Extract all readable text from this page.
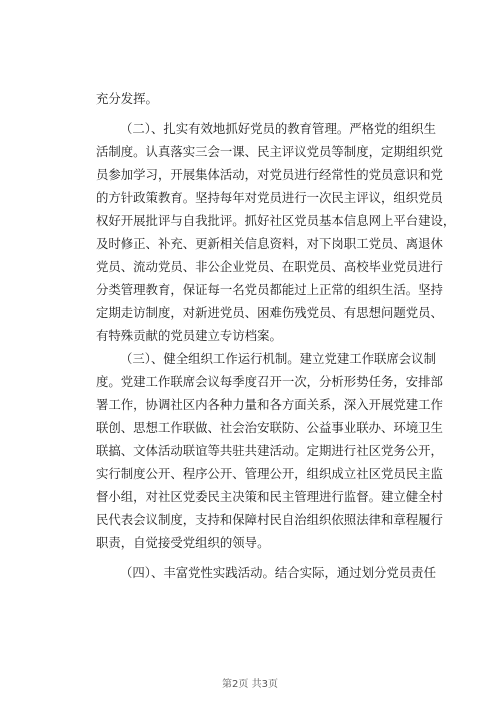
充分发挥。
（二）、扎实有效地抓好党员的教育管理。严格党的组织生
活制度。认真落实三会一课、民主评议党员等制度，定期组织党
员参加学习，开展集体活动，对党员进行经常性的党员意识和党
的方针政策教育。坚持每年对党员进行一次民主评议，组织党员
权好开展批评与自我批评。抓好社区党员基本信息网上平台建设，
及时修正、补充、更新相关信息资料，对下岗职工党员、离退休
党员、流动党员、非公企业党员、在职党员、高校毕业党员进行
分类管理教育，保证每一名党员都能过上正常的组织生活。坚持
定期走访制度，对新进党员、困难伤残党员、有思想问题党员、
有特殊贡献的党员建立专访档案。
（三）、健全组织工作运行机制。建立党建工作联席会议制
度。党建工作联席会议每季度召开一次，分析形势任务，安排部
署工作，协调社区内各种力量和各方面关系，深入开展党建工作
联创、思想工作联做、社会治安联防、公益事业联办、环境卫生
联搞、文体活动联谊等共驻共建活动。定期进行社区党务公开，
实行制度公开、程序公开、管理公开，组织成立社区党员民主监
督小组，对社区党委民主决策和民主管理进行监督。建立健全村
民代表会议制度，支持和保障村民自治组织依照法律和章程履行
职责，自觉接受党组织的领导。
（四）、丰富党性实践活动。结合实际，通过划分党员责任
第2页 共3页
